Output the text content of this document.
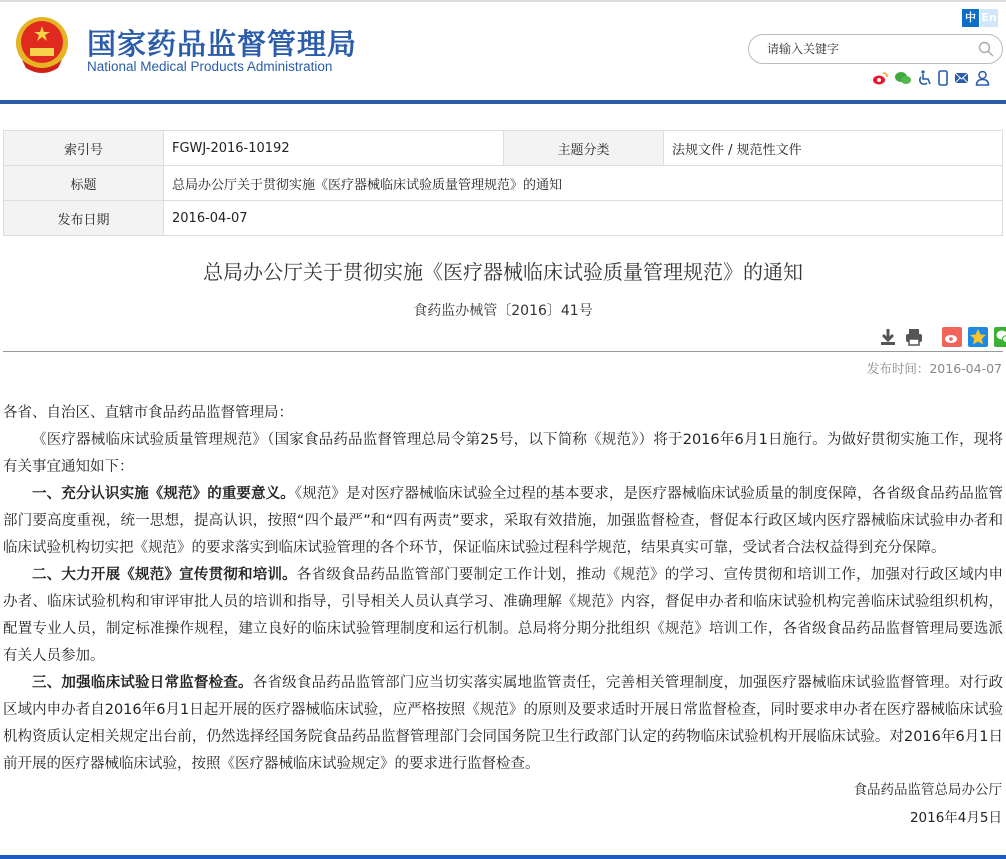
国家药品监督管理局
National Medical Products Administration
中 En
请输入关键字
索引号	FGWJ-2016-10192	主题分类	法规文件 / 规范性文件
标题	总局办公厅关于贯彻实施《医疗器械临床试验质量管理规范》的通知		
发布日期	2016-04-07		
总局办公厅关于贯彻实施《医疗器械临床试验质量管理规范》的通知
食药监办械管〔2016〕41号
发布时间：2016-04-07

各省、自治区、直辖市食品药品监督管理局：

《医疗器械临床试验质量管理规范》（国家食品药品监督管理总局令第25号，以下简称《规范》）将于2016年6月1日施行。为做好贯彻实施工作，现将有关事宜通知如下：

一、充分认识实施《规范》的重要意义。《规范》是对医疗器械临床试验全过程的基本要求，是医疗器械临床试验质量的制度保障，各省级食品药品监管部门要高度重视，统一思想，提高认识，按照“四个最严”和“四有两责”要求，采取有效措施，加强监督检查，督促本行政区域内医疗器械临床试验申办者和临床试验机构切实把《规范》的要求落实到临床试验管理的各个环节，保证临床试验过程科学规范，结果真实可靠，受试者合法权益得到充分保障。

二、大力开展《规范》宣传贯彻和培训。各省级食品药品监管部门要制定工作计划，推动《规范》的学习、宣传贯彻和培训工作，加强对行政区域内申办者、临床试验机构和审评审批人员的培训和指导，引导相关人员认真学习、准确理解《规范》内容，督促申办者和临床试验机构完善临床试验组织机构，配置专业人员，制定标准操作规程，建立良好的临床试验管理制度和运行机制。总局将分期分批组织《规范》培训工作，各省级食品药品监督管理局要选派有关人员参加。

三、加强临床试验日常监督检查。各省级食品药品监管部门应当切实落实属地监管责任，完善相关管理制度，加强医疗器械临床试验监督管理。对行政区域内申办者自2016年6月1日起开展的医疗器械临床试验，应严格按照《规范》的原则及要求适时开展日常监督检查，同时要求申办者在医疗器械临床试验机构资质认定相关规定出台前，仍然选择经国务院食品药品监督管理部门会同国务院卫生行政部门认定的药物临床试验机构开展临床试验。对2016年6月1日前开展的医疗器械临床试验，按照《医疗器械临床试验规定》的要求进行监督检查。

食品药品监管总局办公厅
2016年4月5日
